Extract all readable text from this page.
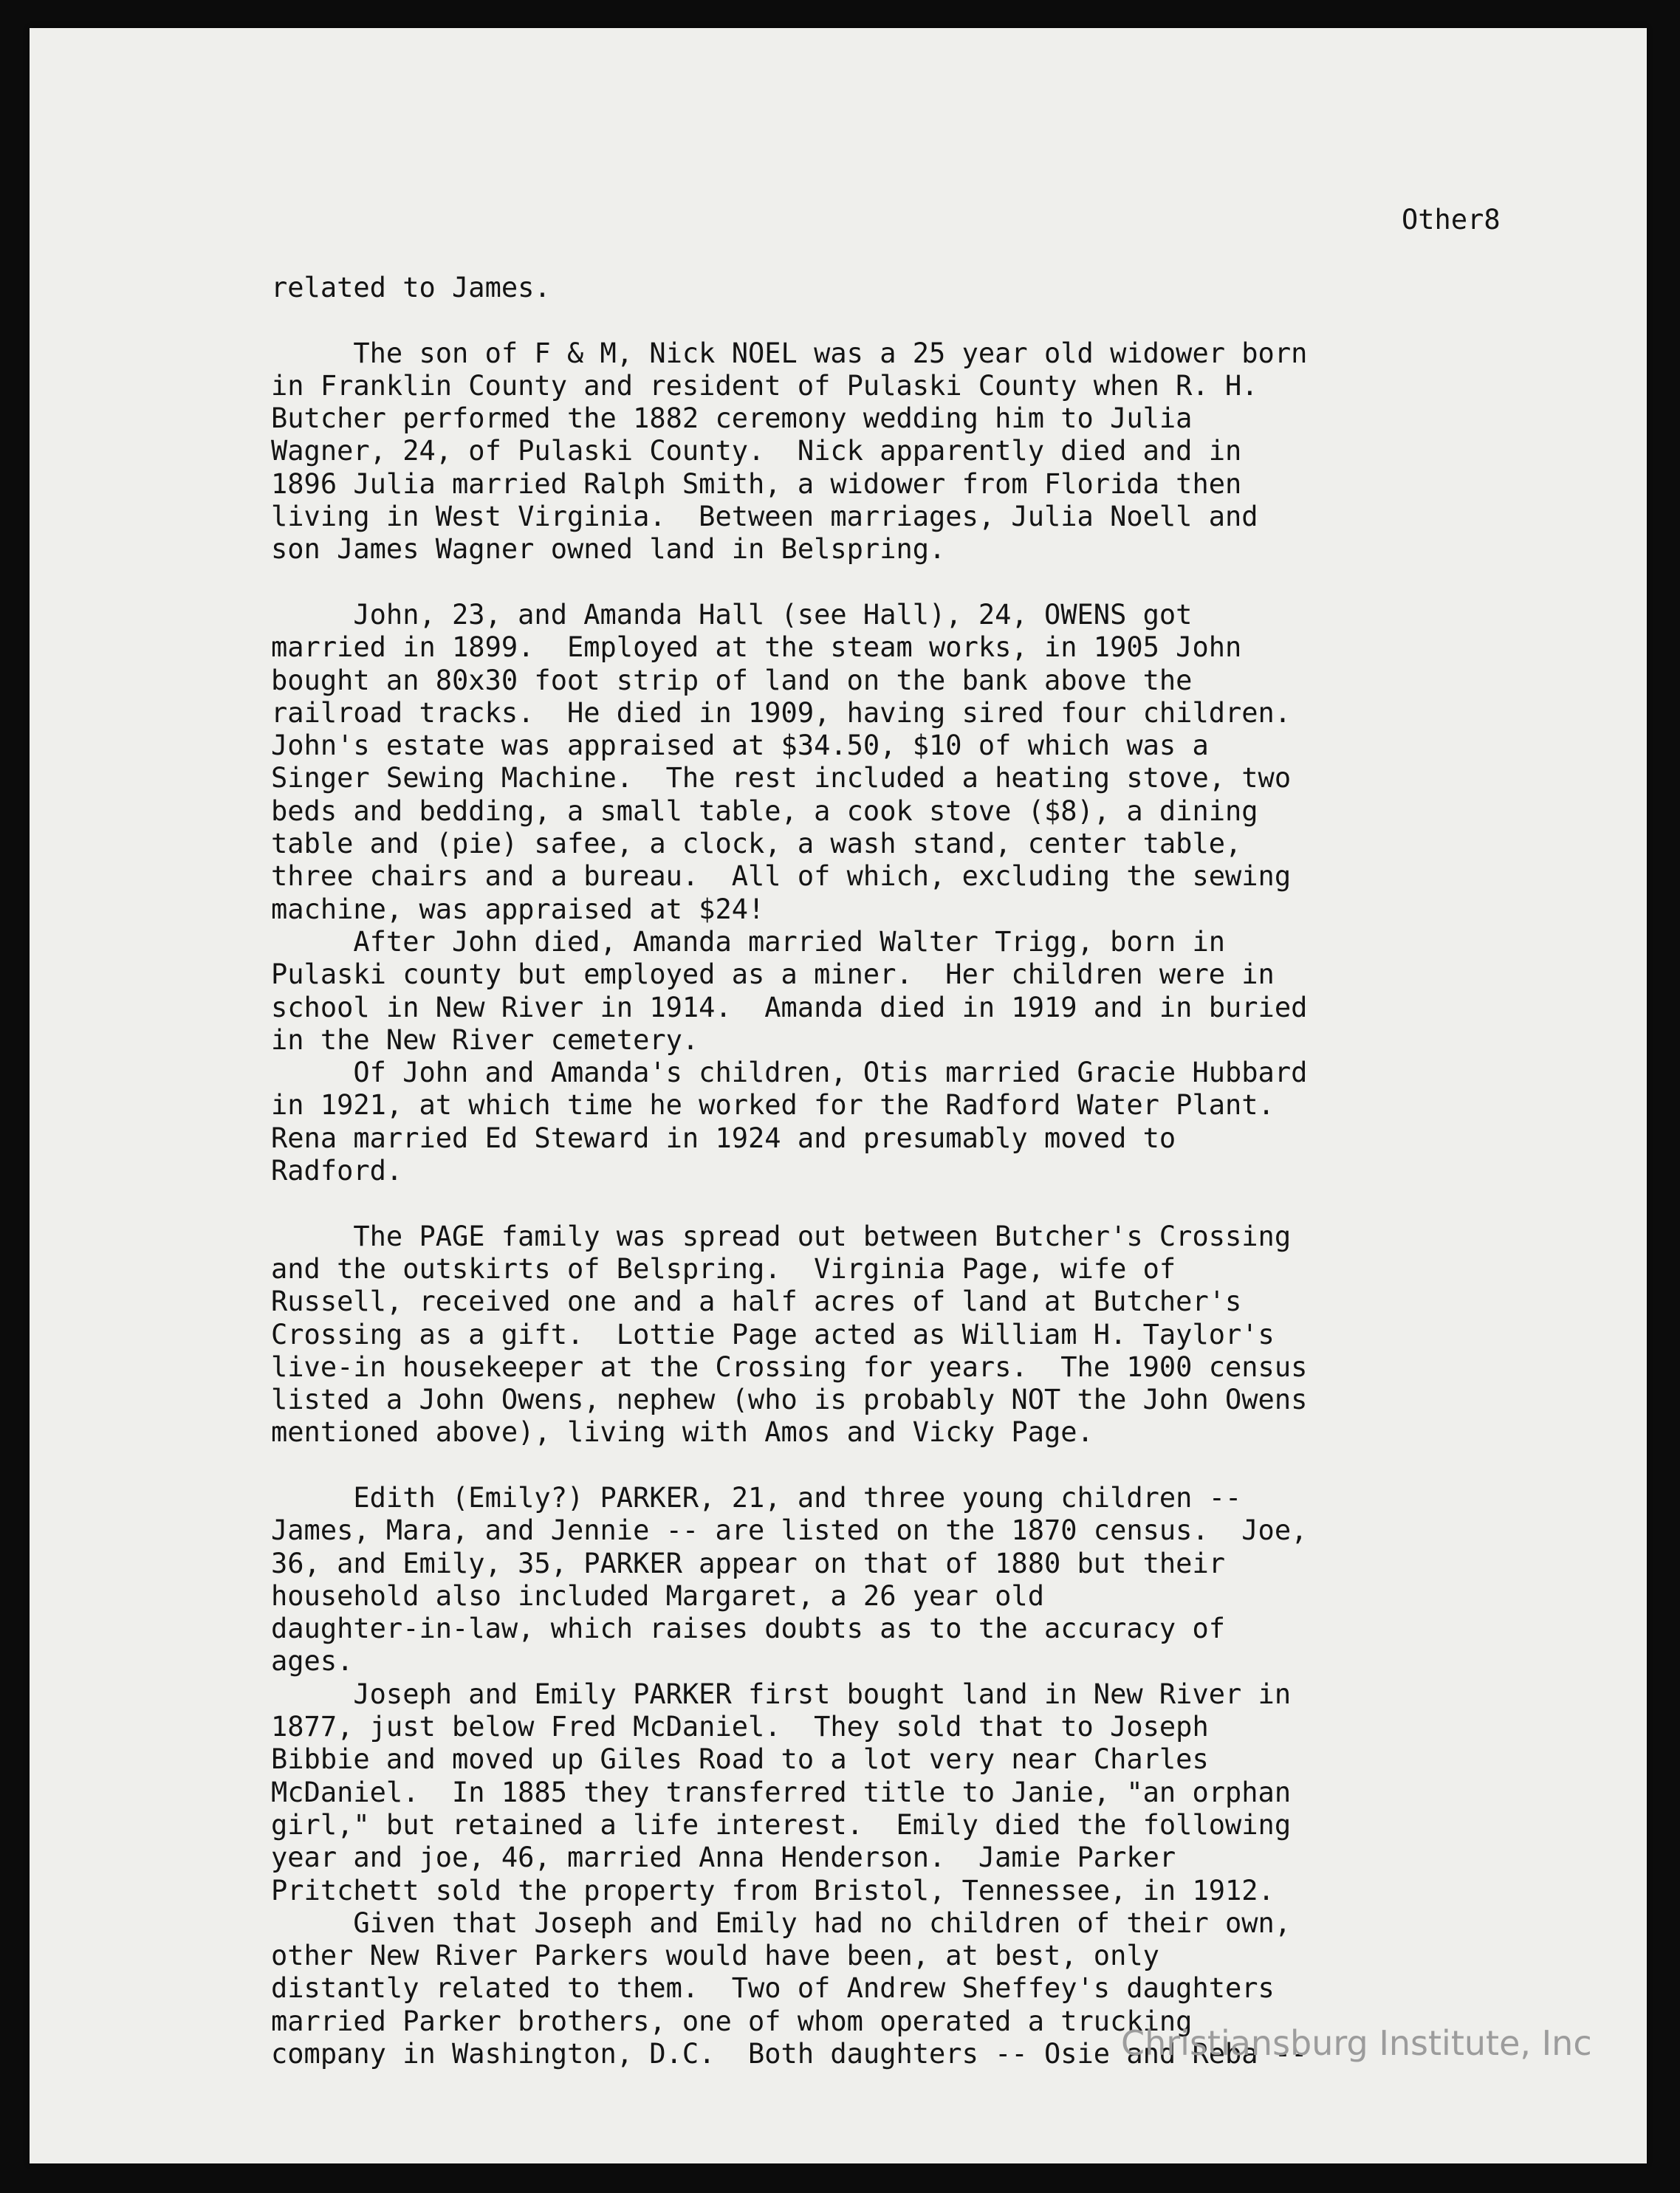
Other8
related to James.
The son of F & M, Nick NOEL was a 25 year old widower born
in Franklin County and resident of Pulaski County when R. H.
Butcher performed the 1882 ceremony wedding him to Julia
Wagner, 24, of Pulaski County.  Nick apparently died and in
1896 Julia married Ralph Smith, a widower from Florida then
living in West Virginia.  Between marriages, Julia Noell and
son James Wagner owned land in Belspring.
John, 23, and Amanda Hall (see Hall), 24, OWENS got
married in 1899.  Employed at the steam works, in 1905 John
bought an 80x30 foot strip of land on the bank above the
railroad tracks.  He died in 1909, having sired four children.
John's estate was appraised at $34.50, $10 of which was a
Singer Sewing Machine.  The rest included a heating stove, two
beds and bedding, a small table, a cook stove ($8), a dining
table and (pie) safee, a clock, a wash stand, center table,
three chairs and a bureau.  All of which, excluding the sewing
machine, was appraised at $24!
After John died, Amanda married Walter Trigg, born in
Pulaski county but employed as a miner.  Her children were in
school in New River in 1914.  Amanda died in 1919 and in buried
in the New River cemetery.
Of John and Amanda's children, Otis married Gracie Hubbard
in 1921, at which time he worked for the Radford Water Plant.
Rena married Ed Steward in 1924 and presumably moved to
Radford.
The PAGE family was spread out between Butcher's Crossing
and the outskirts of Belspring.  Virginia Page, wife of
Russell, received one and a half acres of land at Butcher's
Crossing as a gift.  Lottie Page acted as William H. Taylor's
live-in housekeeper at the Crossing for years.  The 1900 census
listed a John Owens, nephew (who is probably NOT the John Owens
mentioned above), living with Amos and Vicky Page.
Edith (Emily?) PARKER, 21, and three young children --
James, Mara, and Jennie -- are listed on the 1870 census.  Joe,
36, and Emily, 35, PARKER appear on that of 1880 but their
household also included Margaret, a 26 year old
daughter-in-law, which raises doubts as to the accuracy of
ages.
Joseph and Emily PARKER first bought land in New River in
1877, just below Fred McDaniel.  They sold that to Joseph
Bibbie and moved up Giles Road to a lot very near Charles
McDaniel.  In 1885 they transferred title to Janie, "an orphan
girl," but retained a life interest.  Emily died the following
year and joe, 46, married Anna Henderson.  Jamie Parker
Pritchett sold the property from Bristol, Tennessee, in 1912.
Given that Joseph and Emily had no children of their own,
other New River Parkers would have been, at best, only
distantly related to them.  Two of Andrew Sheffey's daughters
married Parker brothers, one of whom operated a trucking
company in Washington, D.C.  Both daughters -- Osie and Reba --
Christiansburg Institute, Inc
